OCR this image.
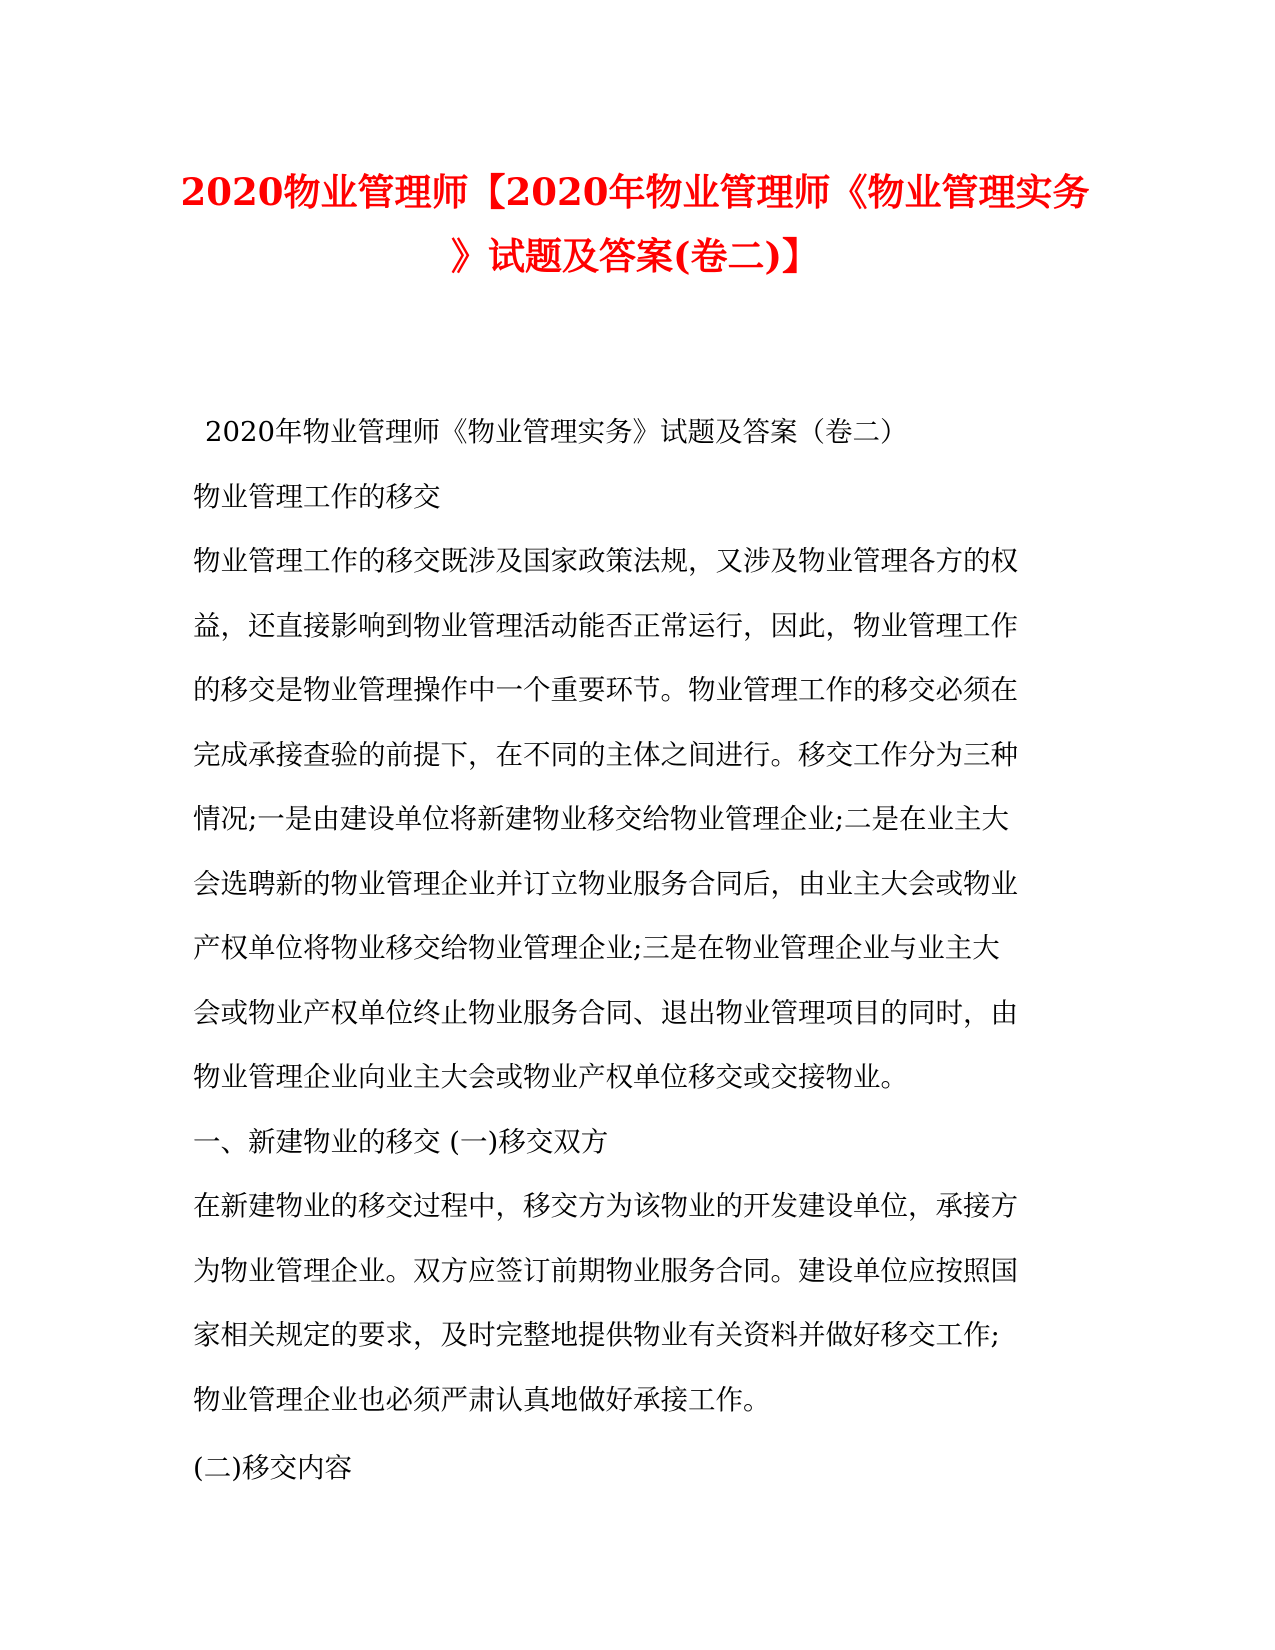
2020物业管理师【2020年物业管理师《物业管理实务
》试题及答案(卷二)】
2020年物业管理师《物业管理实务》试题及答案（卷二）
物业管理工作的移交
物业管理工作的移交既涉及国家政策法规，又涉及物业管理各方的权
益，还直接影响到物业管理活动能否正常运行，因此，物业管理工作
的移交是物业管理操作中一个重要环节。物业管理工作的移交必须在
完成承接查验的前提下，在不同的主体之间进行。移交工作分为三种
情况;一是由建设单位将新建物业移交给物业管理企业;二是在业主大
会选聘新的物业管理企业并订立物业服务合同后，由业主大会或物业
产权单位将物业移交给物业管理企业;三是在物业管理企业与业主大
会或物业产权单位终止物业服务合同、退出物业管理项目的同时，由
物业管理企业向业主大会或物业产权单位移交或交接物业。
一、新建物业的移交 (一)移交双方
在新建物业的移交过程中，移交方为该物业的开发建设单位，承接方
为物业管理企业。双方应签订前期物业服务合同。建设单位应按照国
家相关规定的要求，及时完整地提供物业有关资料并做好移交工作;
物业管理企业也必须严肃认真地做好承接工作。
(二)移交内容
